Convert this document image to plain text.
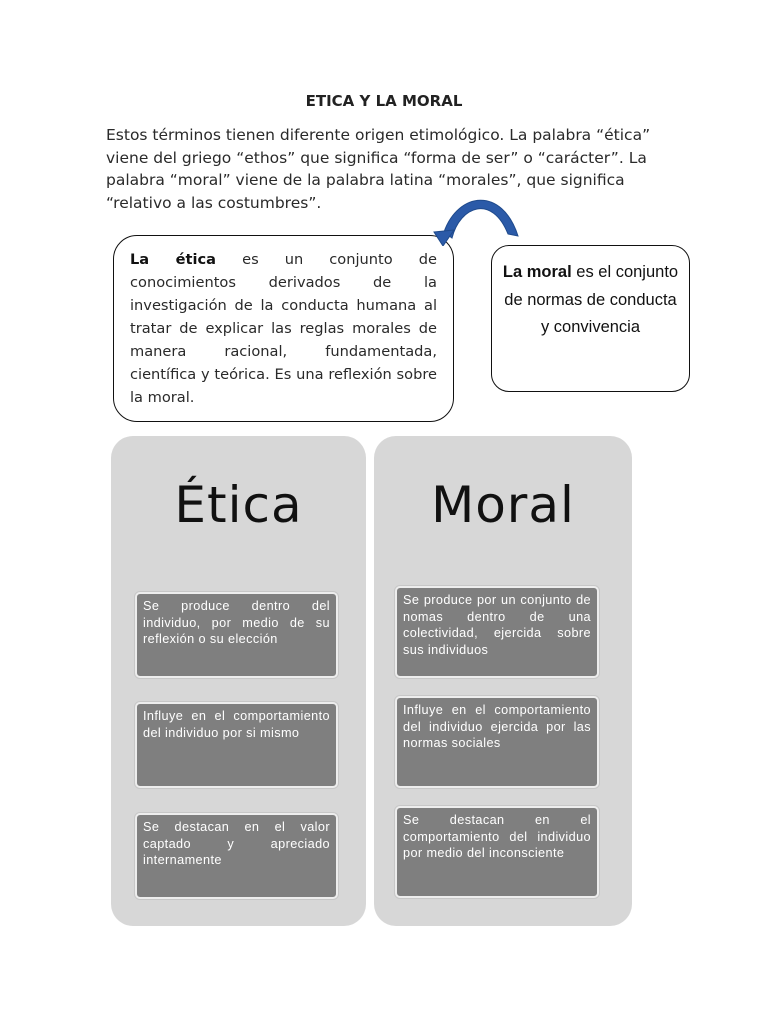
ETICA Y LA MORAL
Estos términos tienen diferente origen etimológico. La palabra “ética” viene del griego “ethos” que significa “forma de ser” o “carácter”. La palabra “moral” viene de la palabra latina “morales”, que significa “relativo a las costumbres”.
La ética es un conjunto de conocimientos derivados de la investigación de la conducta humana al tratar de explicar las reglas morales de manera racional, fundamentada, científica y teórica. Es una reflexión sobre la moral.
La moral es el conjunto de normas de conducta y convivencia
Ética
Se produce dentro del individuo, por medio de su reflexión o su elección
Influye en el comportamiento del individuo por si mismo
Se destacan en el valor captado y apreciado internamente
Moral
Se produce por un conjunto de nomas dentro de una colectividad, ejercida sobre sus individuos
Influye en el comportamiento del individuo ejercida por las normas sociales
Se destacan en el comportamiento del individuo por medio del inconsciente
